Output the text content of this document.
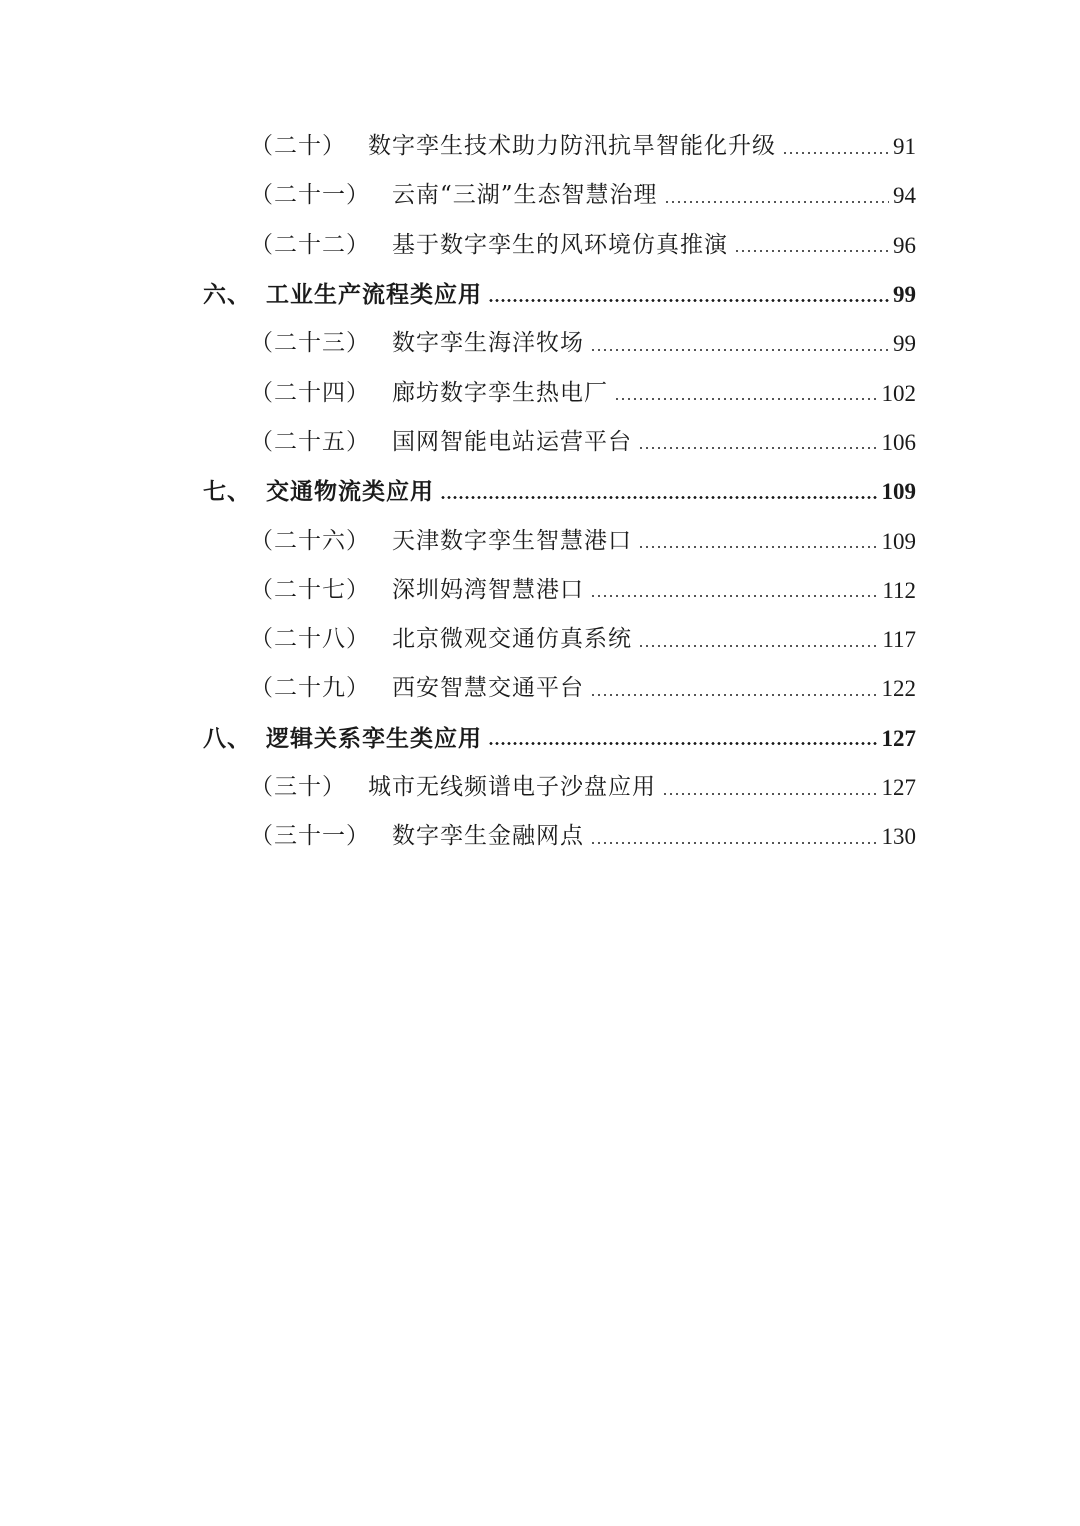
（二十） 数字孪生技术助力防汛抗旱智能化升级	91
（二十一） 云南“三湖”生态智慧治理	94
（二十二） 基于数字孪生的风环境仿真推演	96
六、 工业生产流程类应用	99
（二十三） 数字孪生海洋牧场	99
（二十四） 廊坊数字孪生热电厂	102
（二十五） 国网智能电站运营平台	106
七、 交通物流类应用	109
（二十六） 天津数字孪生智慧港口	109
（二十七） 深圳妈湾智慧港口	112
（二十八） 北京微观交通仿真系统	117
（二十九） 西安智慧交通平台	122
八、 逻辑关系孪生类应用	127
（三十） 城市无线频谱电子沙盘应用	127
（三十一） 数字孪生金融网点	130
